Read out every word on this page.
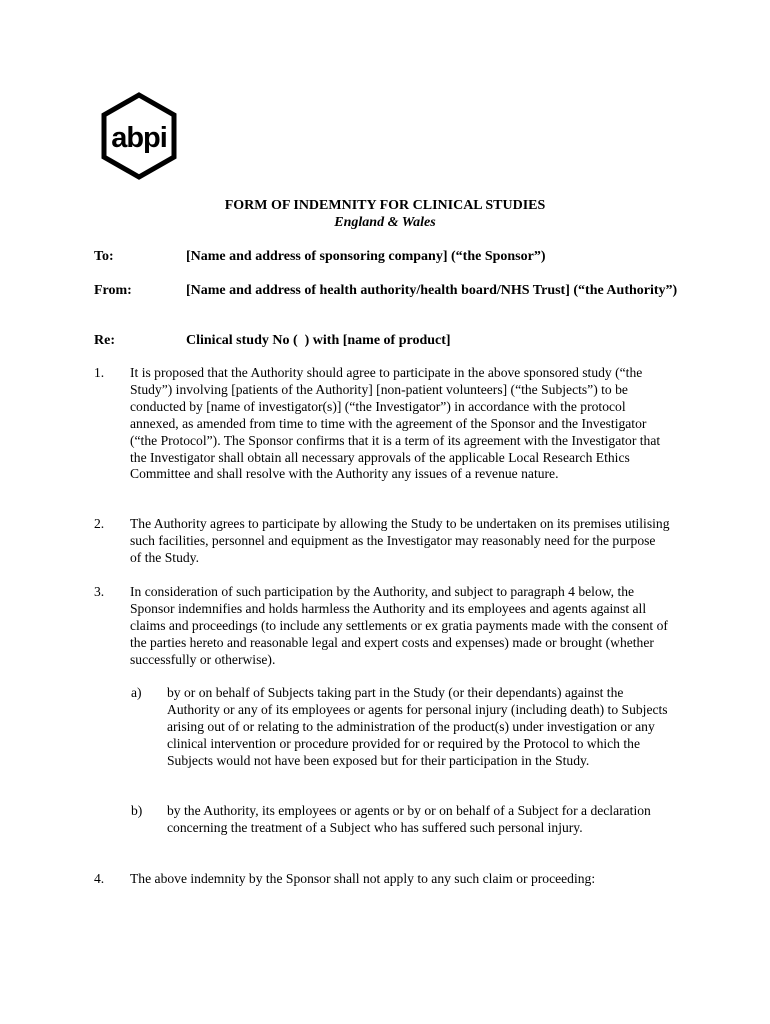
abpi
FORM OF INDEMNITY FOR CLINICAL STUDIES
England & Wales
To:	[Name and address of sponsoring company] (“the Sponsor”)
From:	[Name and address of health authority/health board/NHS Trust] (“the Authority”)
Re:	Clinical study No (  ) with [name of product]
1. It is proposed that the Authority should agree to participate in the above sponsored study (“the Study”) involving [patients of the Authority] [non-patient volunteers] (“the Subjects”) to be conducted by [name of investigator(s)] (“the Investigator”) in accordance with the protocol annexed, as amended from time to time with the agreement of the Sponsor and the Investigator (“the Protocol”). The Sponsor confirms that it is a term of its agreement with the Investigator that the Investigator shall obtain all necessary approvals of the applicable Local Research Ethics Committee and shall resolve with the Authority any issues of a revenue nature.
2. The Authority agrees to participate by allowing the Study to be undertaken on its premises utilising such facilities, personnel and equipment as the Investigator may reasonably need for the purpose of the Study.
3. In consideration of such participation by the Authority, and subject to paragraph 4 below, the Sponsor indemnifies and holds harmless the Authority and its employees and agents against all claims and proceedings (to include any settlements or ex gratia payments made with the consent of the parties hereto and reasonable legal and expert costs and expenses) made or brought (whether successfully or otherwise).
a) by or on behalf of Subjects taking part in the Study (or their dependants) against the Authority or any of its employees or agents for personal injury (including death) to Subjects arising out of or relating to the administration of the product(s) under investigation or any clinical intervention or procedure provided for or required by the Protocol to which the Subjects would not have been exposed but for their participation in the Study.
b) by the Authority, its employees or agents or by or on behalf of a Subject for a declaration concerning the treatment of a Subject who has suffered such personal injury.
4. The above indemnity by the Sponsor shall not apply to any such claim or proceeding:
